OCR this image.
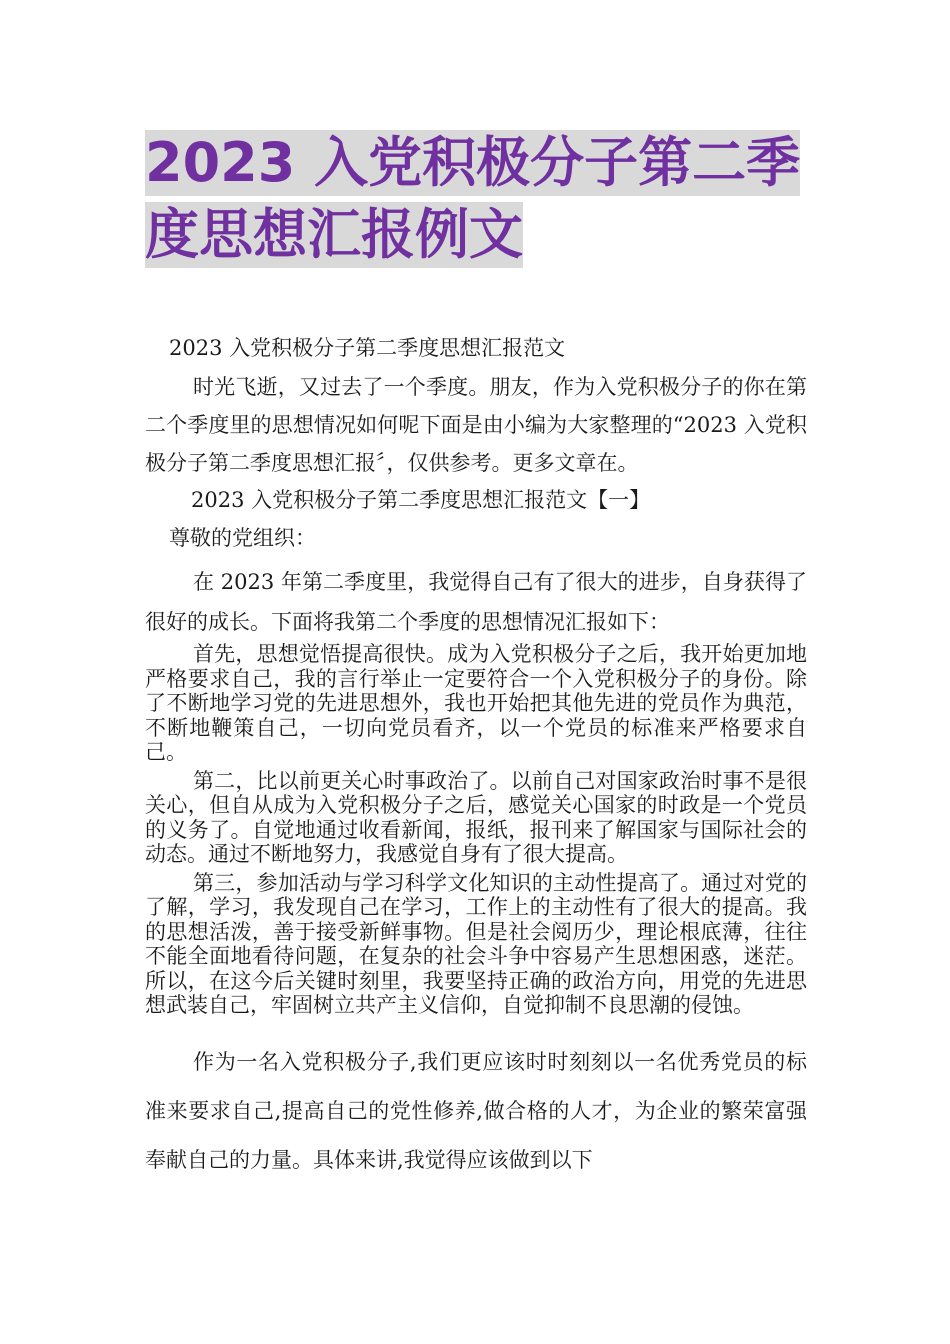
2023 入党积极分子第二季
度思想汇报例文

2023 入党积极分子第二季度思想汇报范文

时光飞逝，又过去了一个季度。朋友，作为入党积极分子的你在第二个季度里的思想情况如何呢下面是由小编为大家整理的“2023 入党积极分子第二季度思想汇报〞，仅供参考。更多文章在。

2023 入党积极分子第二季度思想汇报范文【一】

尊敬的党组织：

在 2023 年第二季度里，我觉得自己有了很大的进步，自身获得了很好的成长。下面将我第二个季度的思想情况汇报如下：

首先，思想觉悟提高很快。成为入党积极分子之后，我开始更加地严格要求自己，我的言行举止一定要符合一个入党积极分子的身份。除了不断地学习党的先进思想外，我也开始把其他先进的党员作为典范，不断地鞭策自己，一切向党员看齐，以一个党员的标准来严格要求自己。

第二，比以前更关心时事政治了。以前自己对国家政治时事不是很关心，但自从成为入党积极分子之后，感觉关心国家的时政是一个党员的义务了。自觉地通过收看新闻，报纸，报刊来了解国家与国际社会的动态。通过不断地努力，我感觉自身有了很大提高。

第三，参加活动与学习科学文化知识的主动性提高了。通过对党的了解，学习，我发现自己在学习，工作上的主动性有了很大的提高。我的思想活泼，善于接受新鲜事物。但是社会阅历少，理论根底薄，往往不能全面地看待问题，在复杂的社会斗争中容易产生思想困惑，迷茫。所以，在这今后关键时刻里，我要坚持正确的政治方向，用党的先进思想武装自己，牢固树立共产主义信仰，自觉抑制不良思潮的侵蚀。

作为一名入党积极分子,我们更应该时时刻刻以一名优秀党员的标准来要求自己,提高自己的党性修养,做合格的人才，为企业的繁荣富强奉献自己的力量。具体来讲,我觉得应该做到以下
